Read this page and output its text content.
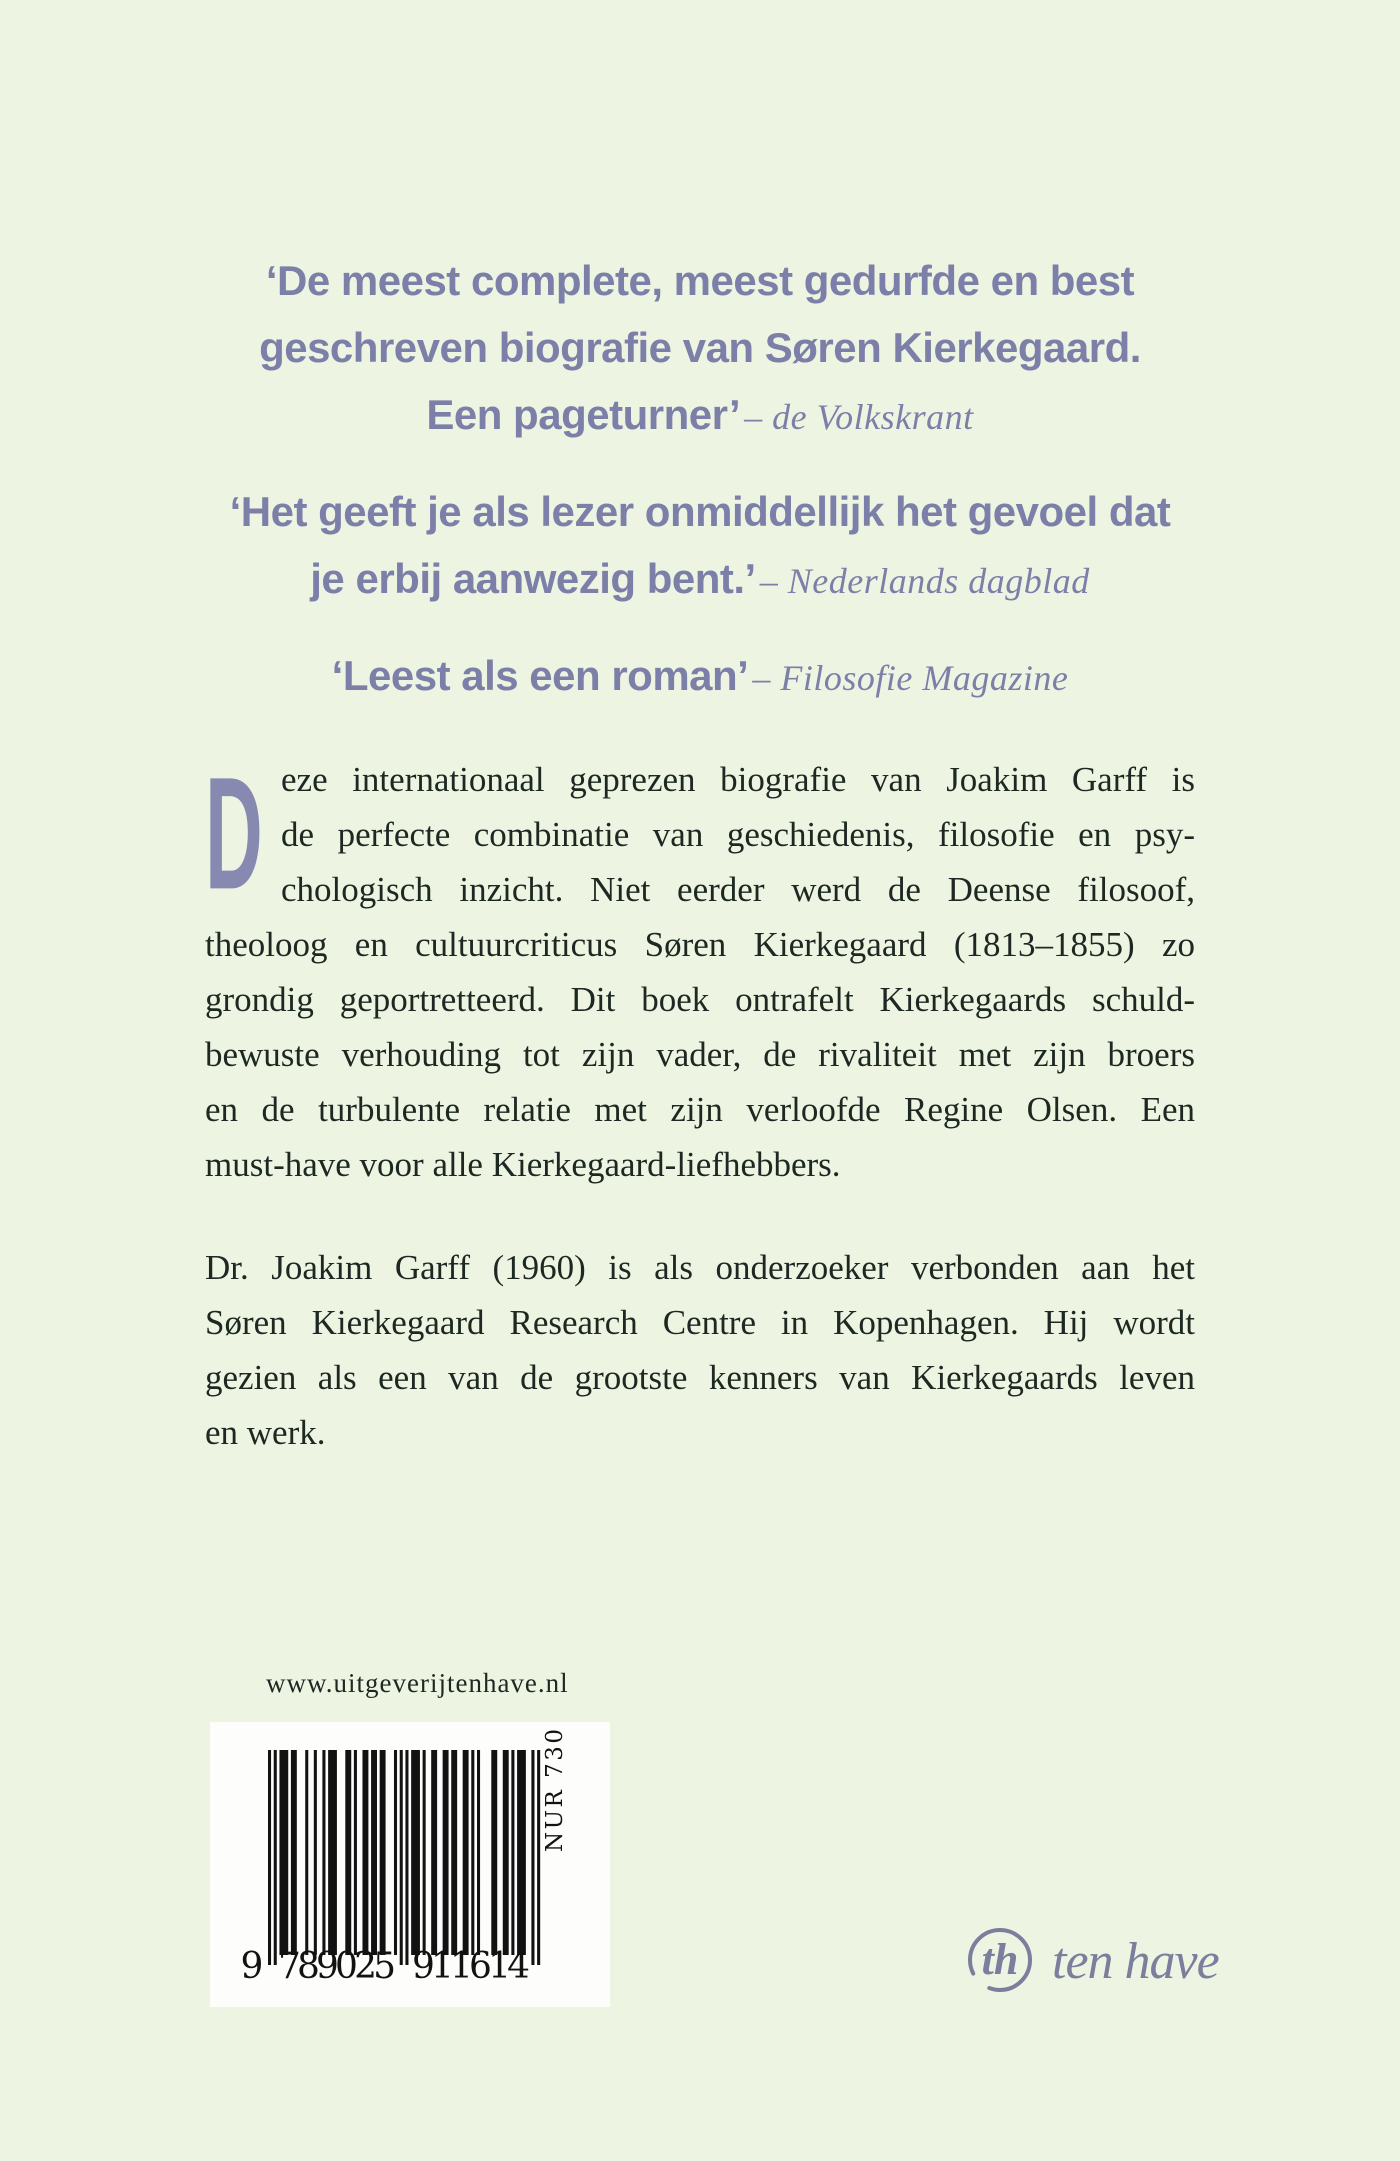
‘De meest complete, meest gedurfde en best
geschreven biografie van Søren Kierkegaard.
Een pageturner’ – de Volkskrant
‘Het geeft je als lezer onmiddellijk het gevoel dat
je erbij aanwezig bent.’ – Nederlands dagblad
‘Leest als een roman’ – Filosofie Magazine
D eze internationaal geprezen biografie van Joakim Garff is
de perfecte combinatie van geschiedenis, filosofie en psy-
chologisch inzicht. Niet eerder werd de Deense filosoof,
theoloog en cultuurcriticus Søren Kierkegaard (1813–1855) zo
grondig geportretteerd. Dit boek ontrafelt Kierkegaards schuld-
bewuste verhouding tot zijn vader, de rivaliteit met zijn broers
en de turbulente relatie met zijn verloofde Regine Olsen. Een
must-have voor alle Kierkegaard-liefhebbers.
Dr. Joakim Garff (1960) is als onderzoeker verbonden aan het
Søren Kierkegaard Research Centre in Kopenhagen. Hij wordt
gezien als een van de grootste kenners van Kierkegaards leven
en werk.
www.uitgeverijtenhave.nl
9 789025 911614
NUR 730
th ten have
